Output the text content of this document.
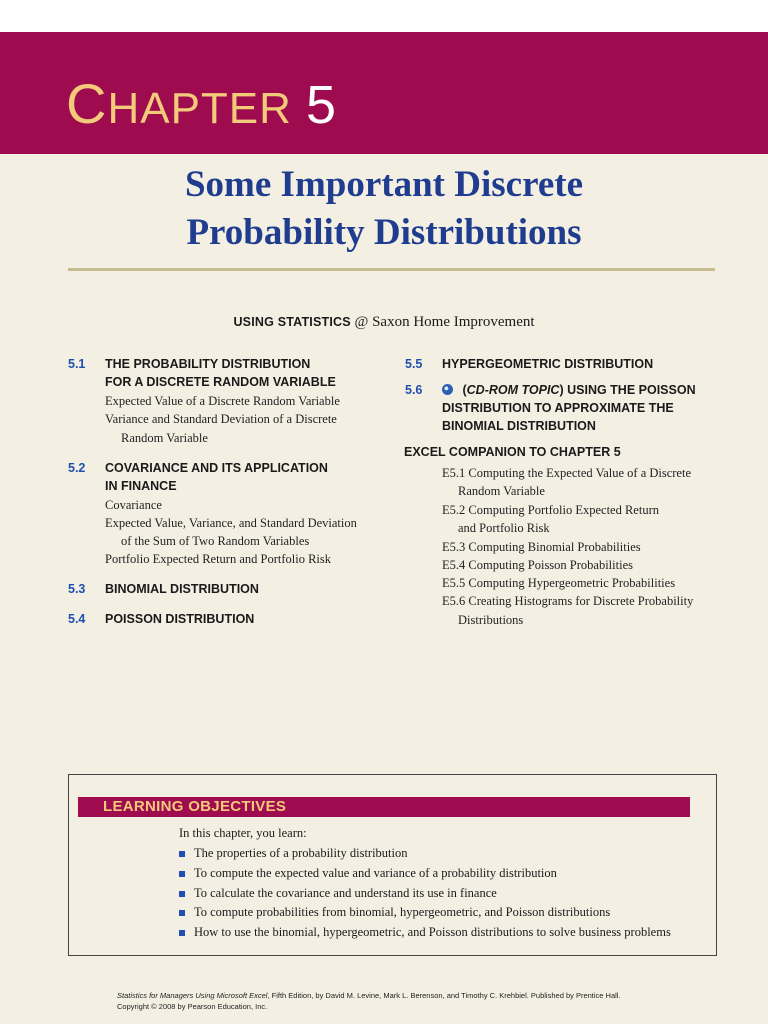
CHAPTER 5
Some Important Discrete
Probability Distributions
USING STATISTICS @ Saxon Home Improvement
5.1 THE PROBABILITY DISTRIBUTION
FOR A DISCRETE RANDOM VARIABLE
Expected Value of a Discrete Random Variable
Variance and Standard Deviation of a Discrete
Random Variable
5.2 COVARIANCE AND ITS APPLICATION
IN FINANCE
Covariance
Expected Value, Variance, and Standard Deviation
of the Sum of Two Random Variables
Portfolio Expected Return and Portfolio Risk
5.3 BINOMIAL DISTRIBUTION
5.4 POISSON DISTRIBUTION
5.5 HYPERGEOMETRIC DISTRIBUTION
5.6	(CD-ROM TOPIC) USING THE POISSON
DISTRIBUTION TO APPROXIMATE THE
BINOMIAL DISTRIBUTION
EXCEL COMPANION TO CHAPTER 5
E5.1 Computing the Expected Value of a Discrete
Random Variable
E5.2 Computing Portfolio Expected Return
and Portfolio Risk
E5.3 Computing Binomial Probabilities
E5.4 Computing Poisson Probabilities
E5.5 Computing Hypergeometric Probabilities
E5.6 Creating Histograms for Discrete Probability
Distributions
LEARNING OBJECTIVES
In this chapter, you learn:
The properties of a probability distribution
To compute the expected value and variance of a probability distribution
To calculate the covariance and understand its use in finance
To compute probabilities from binomial, hypergeometric, and Poisson distributions
How to use the binomial, hypergeometric, and Poisson distributions to solve business problems
Statistics for Managers Using Microsoft Excel, Fifth Edition, by David M. Levine, Mark L. Berenson, and Timothy C. Krehbiel. Published by Prentice Hall.
Copyright © 2008 by Pearson Education, Inc.
